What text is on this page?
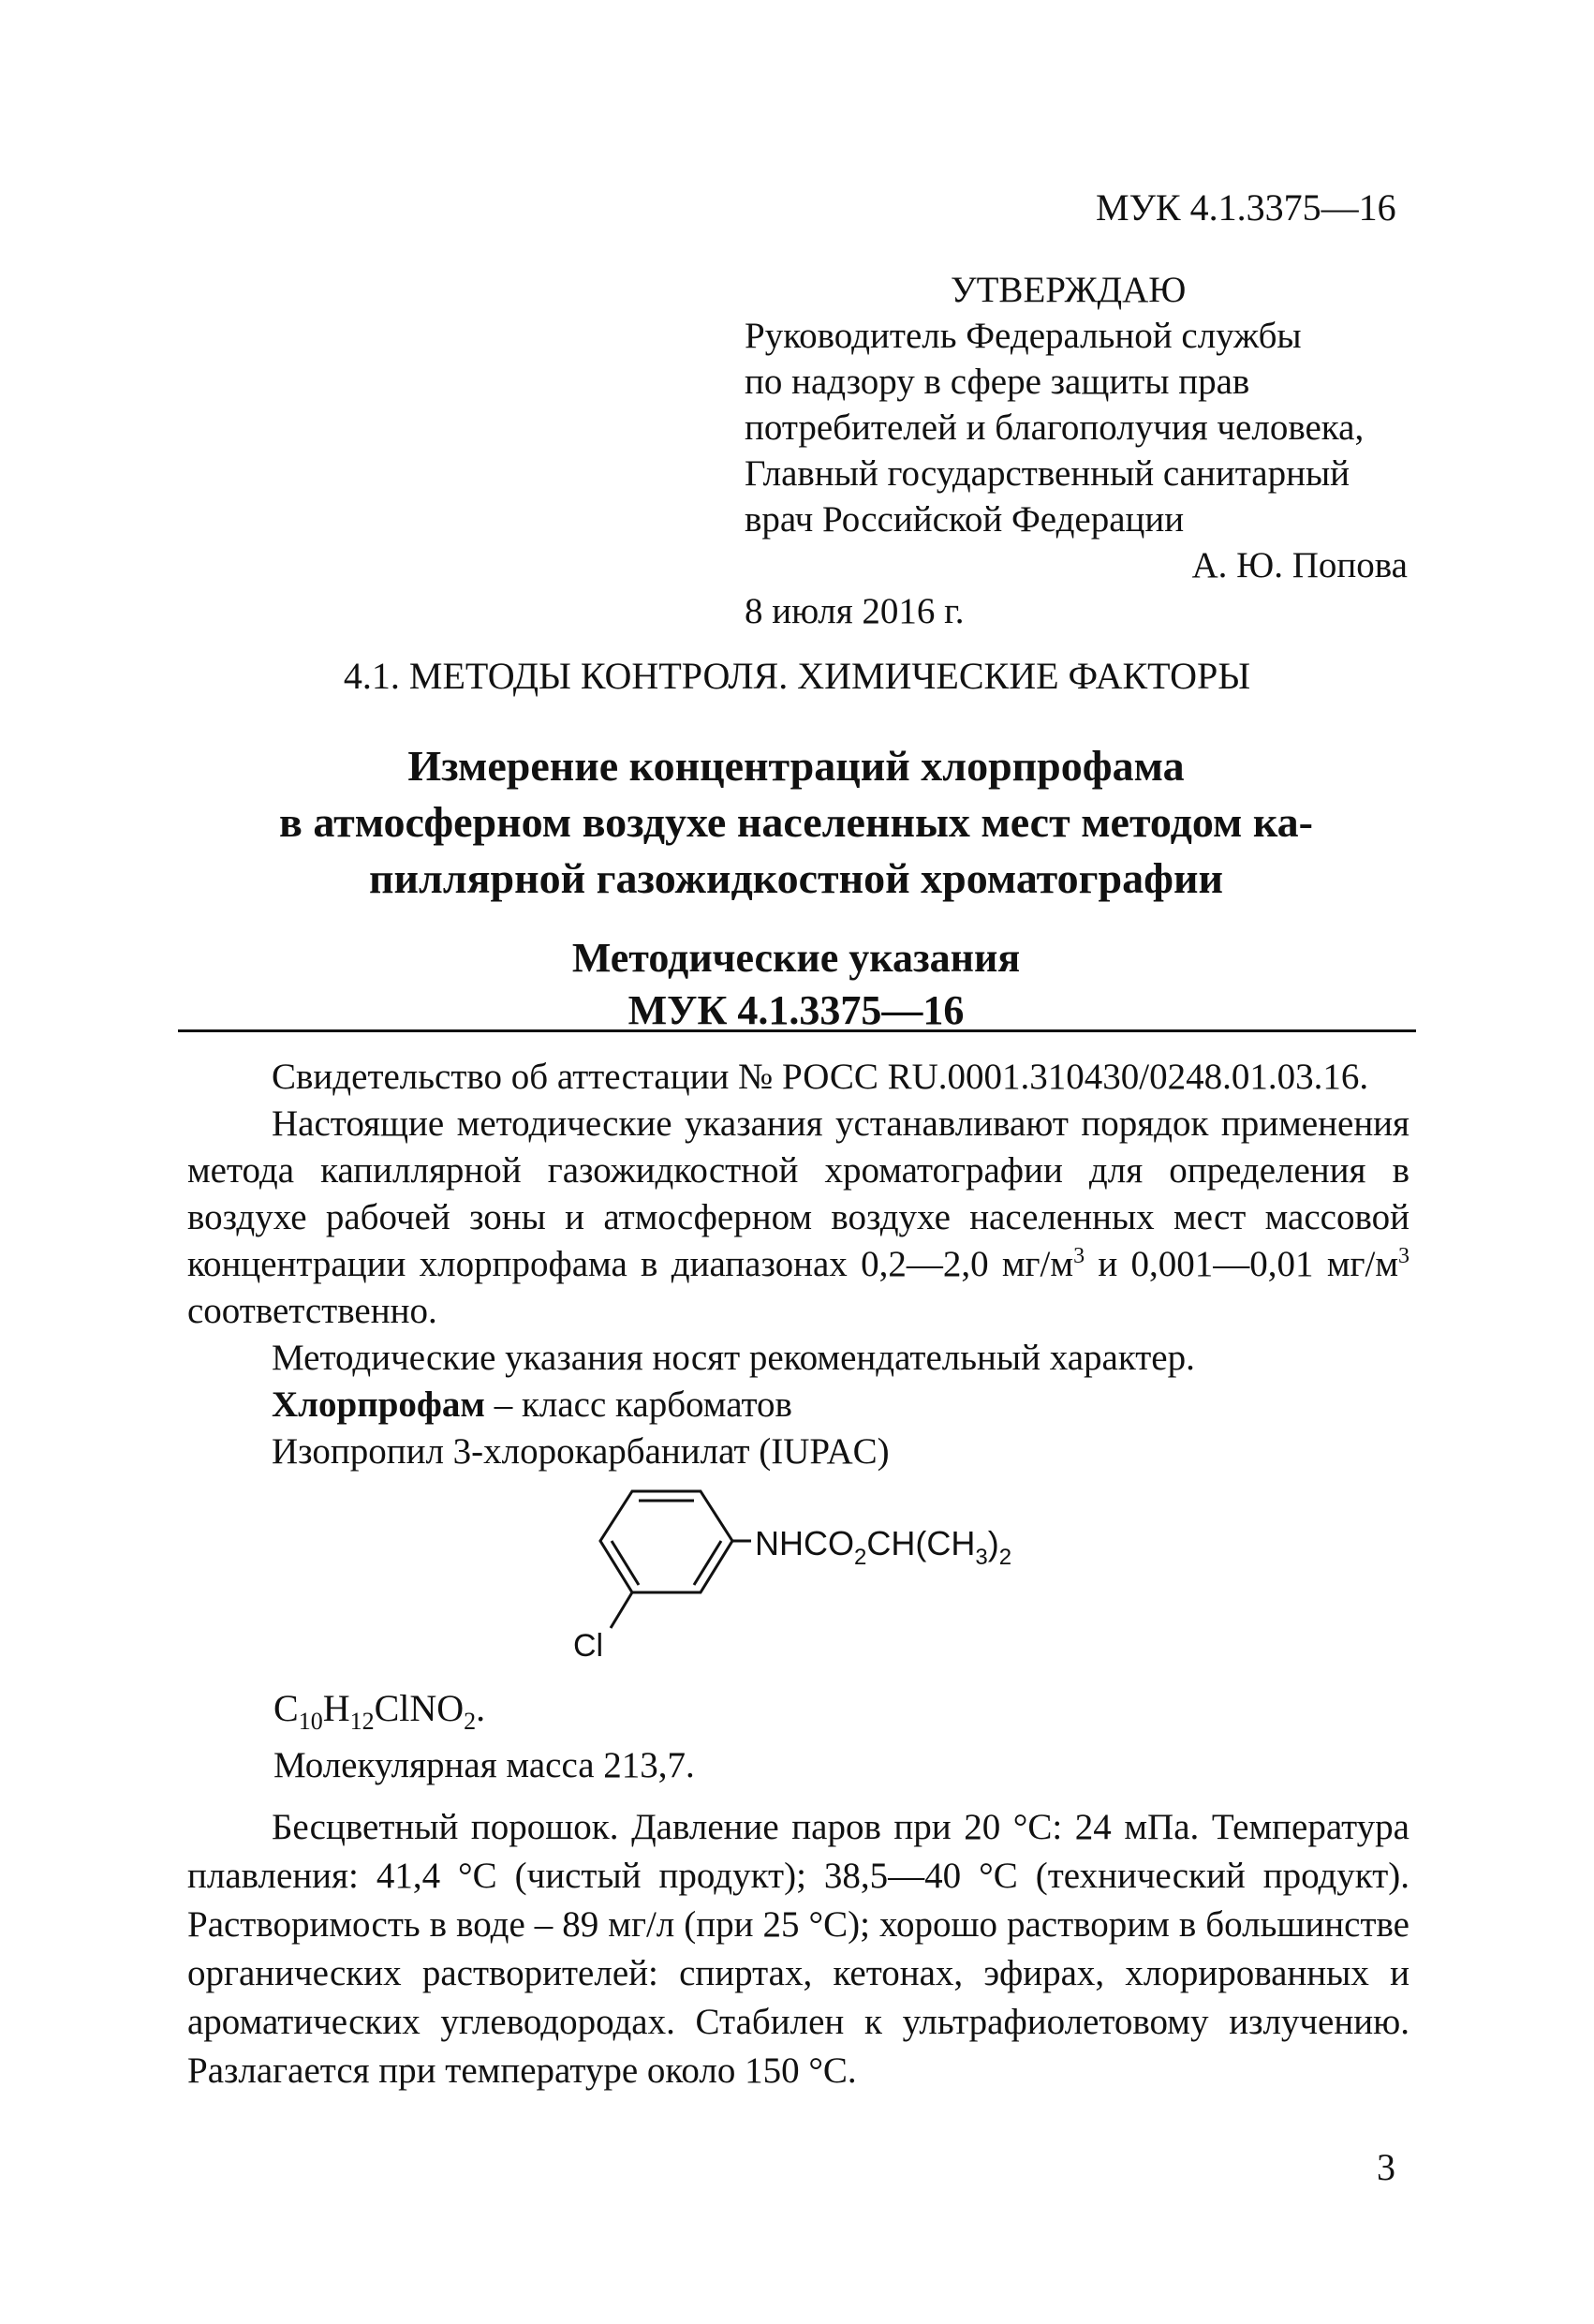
МУК 4.1.3375—16
УТВЕРЖДАЮ
Руководитель Федеральной службы
по надзору в сфере защиты прав
потребителей и благополучия человека,
Главный государственный санитарный
врач Российской Федерации
А. Ю. Попова
8 июля 2016 г.
4.1. МЕТОДЫ КОНТРОЛЯ. ХИМИЧЕСКИЕ ФАКТОРЫ
Измерение концентраций хлорпрофама
в атмосферном воздухе населенных мест методом ка-
пиллярной газожидкостной хроматографии
Методические указания
МУК 4.1.3375—16
Свидетельство об аттестации № РОСС RU.0001.310430/0248.01.03.16.
Настоящие методические указания устанавливают порядок применения метода капиллярной газожидкостной хроматографии для определения в воздухе рабочей зоны и атмосферном воздухе населенных мест массовой концентрации хлорпрофама в диапазонах 0,2—2,0 $мг/м^3$ и 0,001—0,01 $мг/м^3$ соответственно.
Методические указания носят рекомендательный характер.
Хлорпрофам – класс карбоматов
Изопропил 3-хлорокарбанилат (IUPAC)
$NHCO_2CH(CH_3)_2$
Cl
$C_{10}H_{12}ClNO_2$.
Молекулярная масса 213,7.
Бесцветный порошок. Давление паров при 20 °С: 24 мПа. Температура плавления: 41,4 °С (чистый продукт); 38,5—40 °С (технический продукт). Растворимость в воде – 89 мг/л (при 25 °С); хорошо растворим в большинстве органических растворителей: спиртах, кетонах, эфирах, хлорированных и ароматических углеводородах. Стабилен к ультрафиолетовому излучению. Разлагается при температуре около 150 °С.
3
